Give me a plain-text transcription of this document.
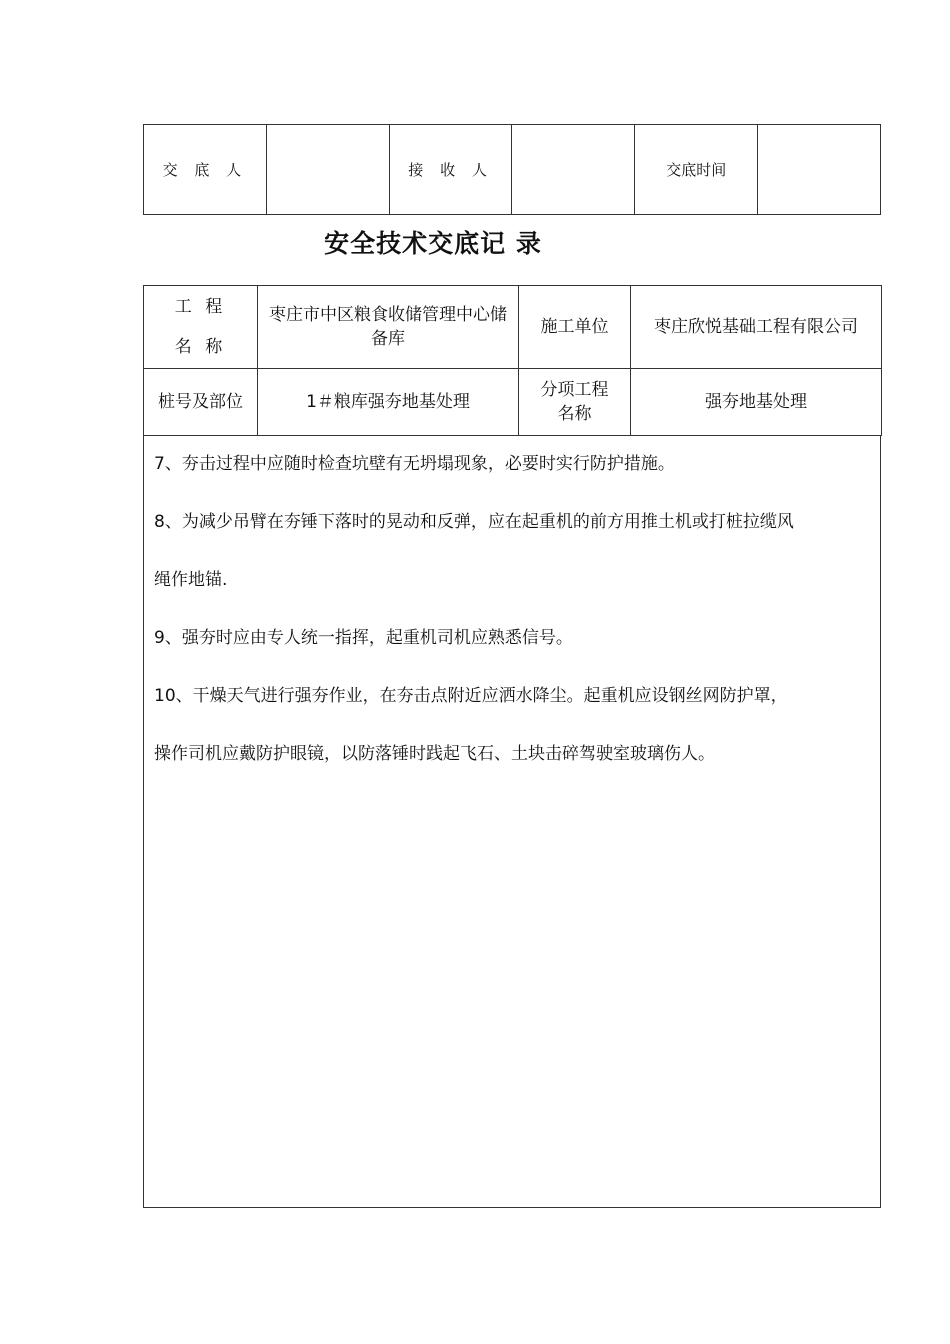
交 底 人		接 收 人		交底时间	
安全技术交底记 录
工 程
名 称	枣庄市中区粮食收储管理中心储备库	施工单位	枣庄欣悦基础工程有限公司
桩号及部位	1＃粮库强夯地基处理	分项工程名称	强夯地基处理

7、夯击过程中应随时检查坑壁有无坍塌现象，必要时实行防护措施。

8、为减少吊臂在夯锤下落时的晃动和反弹，应在起重机的前方用推土机或打桩拉缆风

绳作地锚.

9、强夯时应由专人统一指挥，起重机司机应熟悉信号。

10、干燥天气进行强夯作业，在夯击点附近应洒水降尘。起重机应设钢丝网防护罩，

操作司机应戴防护眼镜，以防落锤时践起飞石、土块击碎驾驶室玻璃伤人。
